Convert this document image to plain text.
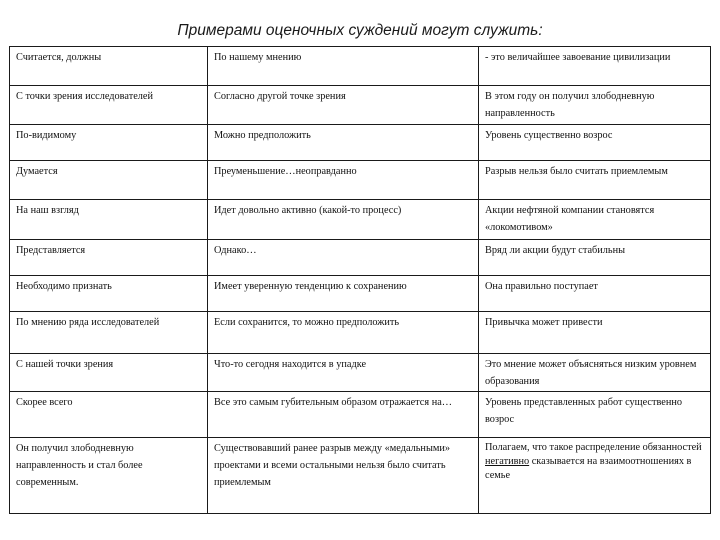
Примерами оценочных суждений могут служить:
Считается, должны	По нашему мнению	- это величайшее завоевание цивилизации
С точки зрения исследователей	Согласно другой точке зрения	В этом году он получил злободневную направленность
По-видимому	Можно предположить	Уровень существенно возрос
Думается	Преуменьшение…неоправданно	Разрыв нельзя было считать приемлемым
На наш взгляд	Идет довольно активно (какой-то процесс)	Акции нефтяной компании становятся «локомотивом»
Представляется	Однако…	Вряд ли акции будут стабильны
Необходимо признать	Имеет уверенную тенденцию к сохранению	Она правильно поступает
По мнению ряда исследователей	Если сохранится, то можно предположить	Привычка может привести
С нашей точки зрения	Что-то сегодня находится в упадке	Это мнение может объясняться низким уровнем образования
Скорее всего	Все это самым губительным образом отражается на…	Уровень представленных работ существенно возрос
Он получил злободневную направленность и стал более современным.	Существовавший ранее разрыв между «медальными» проектами и всеми остальными нельзя было считать приемлемым	Полагаем, что такое распределение обязанностей негативно сказывается на взаимоотношениях в семье
